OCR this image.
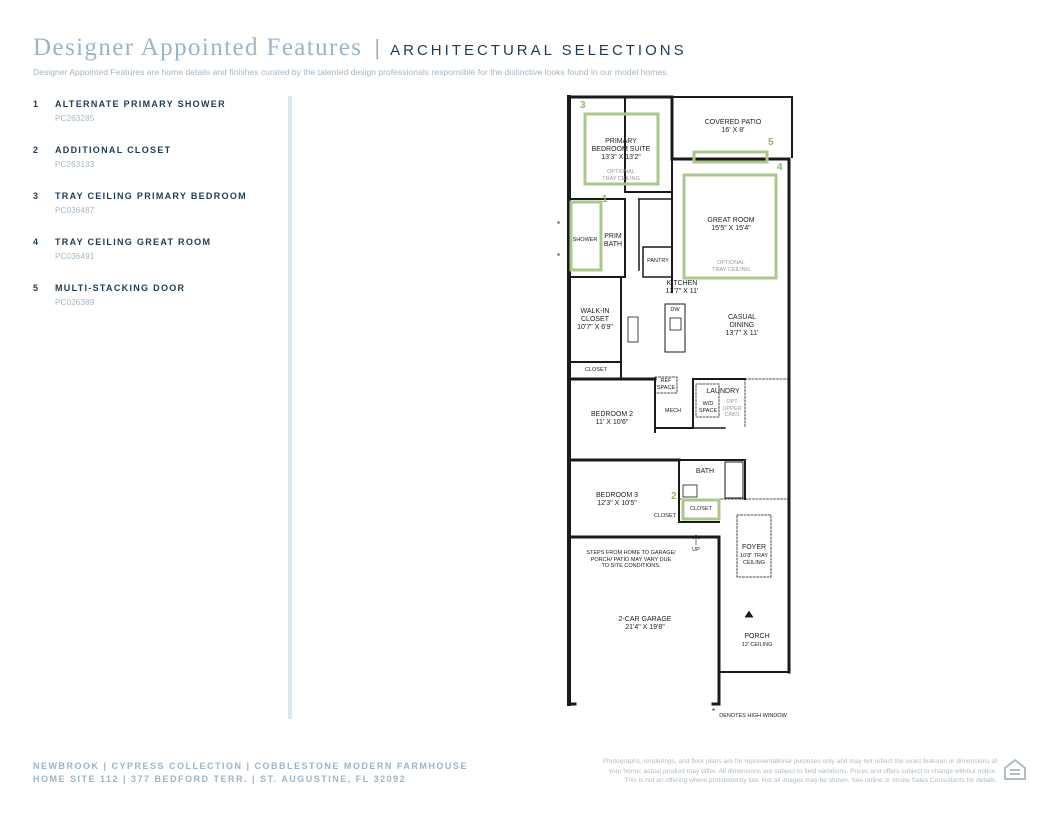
Designer Appointed Features | ARCHITECTURAL SELECTIONS
Designer Appointed Features are home details and finishes curated by the talented design professionals responsible for the distinctive looks found in our model homes.
1	ALTERNATE PRIMARY SHOWER
PC263285
2	ADDITIONAL CLOSET
PC263133
3	TRAY CEILING PRIMARY BEDROOM
PC036487
4	TRAY CEILING GREAT ROOM
PC036491
5	MULTI-STACKING DOOR
PC026389
3
1
5
4
2
*
*
COVERED PATIO
16' X 8'
PRIMARY
BEDROOM SUITE
13'3" X 13'2"
OPTIONAL
TRAY CEILING
GREAT ROOM
15'5" X 15'4"
OPTIONAL
TRAY CEILING
SHOWER PRIM
BATH
PANTRY
KITCHEN
13'7" X 11'
DW
WALK-IN
CLOSET
10'7" X 6'9"
CASUAL
DINING
13'7" X 11'
CLOSET
REF
SPACE
LAUNDRY
W/D
SPACE
OPT
UPPER
CABS
MECH
BEDROOM 2
11' X 10'6"
BATH
BEDROOM 3
12'3" X 10'5"
CLOSET
CLOSET
UP
STEPS FROM HOME TO GARAGE/
PORCH/ PATIO MAY VARY DUE
TO SITE CONDITIONS.
FOYER
10'8" TRAY
CEILING
2-CAR GARAGE
21'4" X 19'8"
PORCH
12' CEILING
* DENOTES HIGH WINDOW
NEWBROOK | CYPRESS COLLECTION | COBBLESTONE MODERN FARMHOUSE
HOME SITE 112 | 377 BEDFORD TERR. | ST. AUGUSTINE, FL 32092
Photographs, renderings, and floor plans are for representational purposes only and may not reflect the exact features or dimensions of
your home; actual product may differ. All dimensions are subject to field variations. Prices and offers subject to change without notice.
This is not an offering where prohibited by law. Not all images may be shown. See online or onsite Sales Consultants for details.
